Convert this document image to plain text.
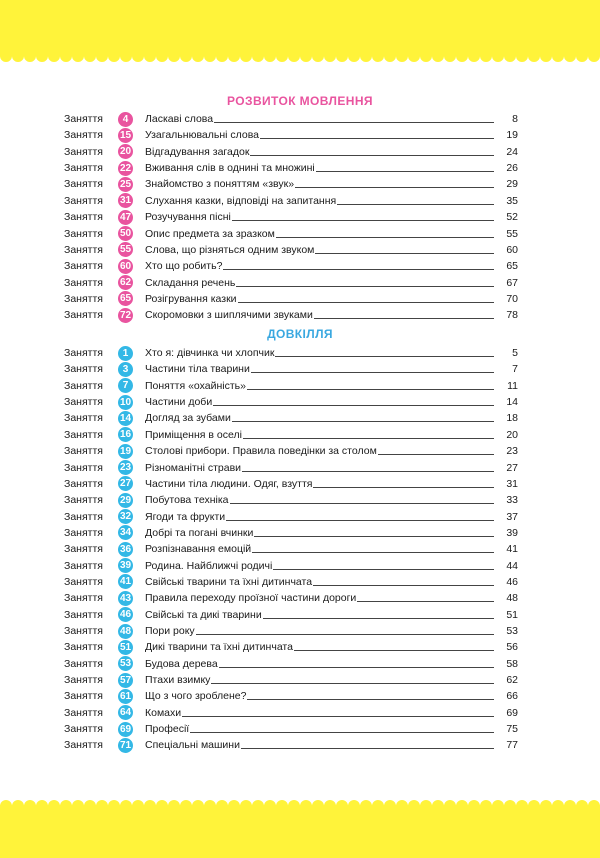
РОЗВИТОК МОВЛЕННЯ
Заняття	4	Ласкаві слова	8
Заняття 15 Узагальнювальні слова	19
Заняття 20 Відгадування загадок	24
Заняття 22 Вживання слів в однині та множині	26
Заняття 25 Знайомство з поняттям «звук»	29
Заняття 31 Слухання казки, відповіді на запитання	35
Заняття 47 Розучування пісні	52
Заняття 50 Опис предмета за зразком	55
Заняття 55 Слова, що різняться одним звуком	60
Заняття 60 Хто що робить?	65
Заняття 62 Складання речень	67
Заняття 65 Розігрування казки	70
Заняття 72 Скоромовки з шиплячими звуками	78
ДОВКІЛЛЯ
Заняття	1	Хто я: дівчинка чи хлопчик	5
Заняття	3	Частини тіла тварини	7
Заняття	7	Поняття «охайність»	11
Заняття 10 Частини доби	14
Заняття 14 Догляд за зубами	18
Заняття 16 Приміщення в оселі	20
Заняття 19 Столові прибори. Правила поведінки за столом	23
Заняття 23 Різноманітні страви	27
Заняття 27 Частини тіла людини. Одяг, взуття	31
Заняття 29 Побутова техніка	33
Заняття 32 Ягоди та фрукти	37
Заняття 34 Добрі та погані вчинки	39
Заняття 36 Розпізнавання емоцій	41
Заняття 39 Родина. Найближчі родичі	44
Заняття 41 Свійські тварини та їхні дитинчата	46
Заняття 43 Правила переходу проїзної частини дороги	48
Заняття 46 Свійські та дикі тварини	51
Заняття 48 Пори року	53
Заняття 51 Дикі тварини та їхні дитинчата	56
Заняття 53 Будова дерева	58
Заняття 57 Птахи взимку	62
Заняття 61 Що з чого зроблене?	66
Заняття 64 Комахи	69
Заняття 69 Професії	75
Заняття 71 Спеціальні машини	77
